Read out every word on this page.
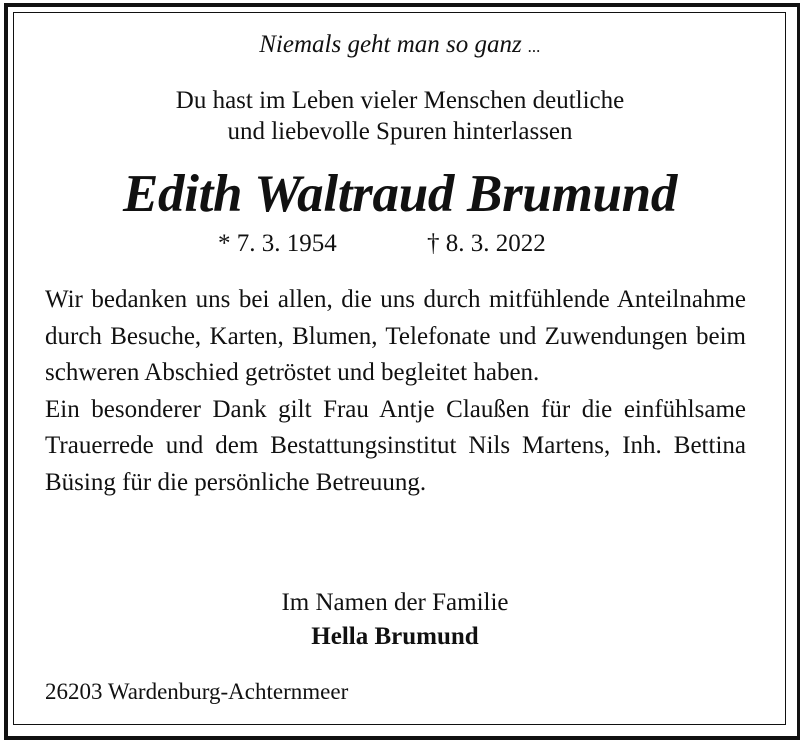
Niemals geht man so ganz ...
Du hast im Leben vieler Menschen deutliche
und liebevolle Spuren hinterlassen
Edith Waltraud Brumund
* 7. 3. 1954	† 8. 3. 2022

Wir bedanken uns bei allen, die uns durch mitfühlende Anteilnahme durch Besuche, Karten, Blumen, Telefonate und Zuwendungen beim schweren Abschied getröstet und begleitet haben.

Ein besonderer Dank gilt Frau Antje Claußen für die einfühlsame Trauerrede und dem Bestattungsinstitut Nils Martens, Inh. Bettina Büsing für die persönliche Betreuung.

Im Namen der Familie
Hella Brumund
26203 Wardenburg-Achternmeer
